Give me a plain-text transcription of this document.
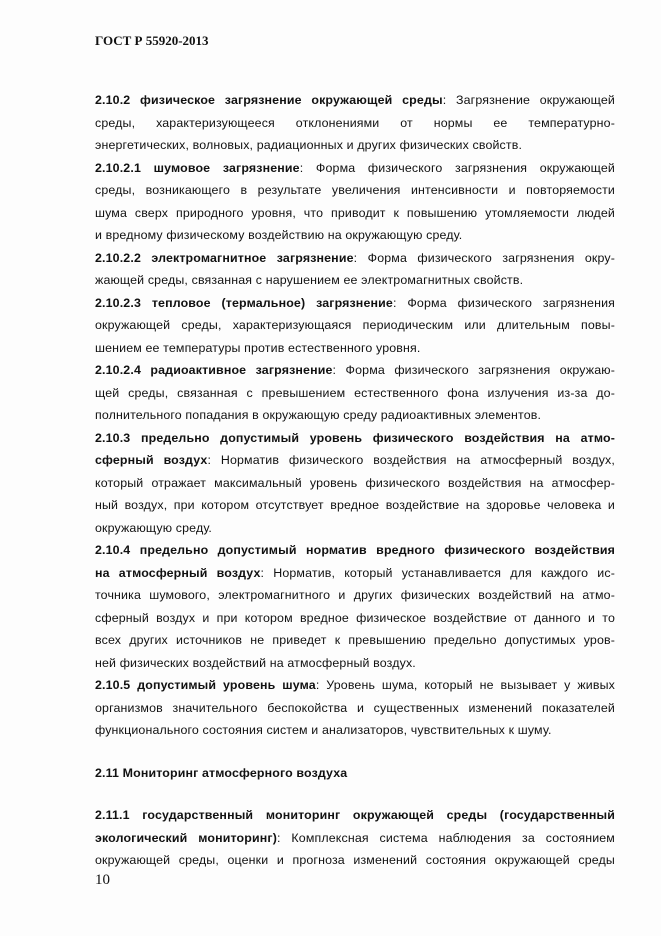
ГОСТ Р 55920-2013
2.10.2 физическое загрязнение окружающей среды: Загрязнение окружающей
среды, характеризующееся отклонениями от нормы ее температурно-
энергетических, волновых, радиационных и других физических свойств.
2.10.2.1 шумовое загрязнение: Форма физического загрязнения окружающей
среды, возникающего в результате увеличения интенсивности и повторяемости
шума сверх природного уровня, что приводит к повышению утомляемости людей
и вредному физическому воздействию на окружающую среду.
2.10.2.2 электромагнитное загрязнение: Форма физического загрязнения окру-
жающей среды, связанная с нарушением ее электромагнитных свойств.
2.10.2.3 тепловое (термальное) загрязнение: Форма физического загрязнения
окружающей среды, характеризующаяся периодическим или длительным повы-
шением ее температуры против естественного уровня.
2.10.2.4 радиоактивное загрязнение: Форма физического загрязнения окружаю-
щей среды, связанная с превышением естественного фона излучения из-за до-
полнительного попадания в окружающую среду радиоактивных элементов.
2.10.3 предельно допустимый уровень физического воздействия на атмо-
сферный воздух: Норматив физического воздействия на атмосферный воздух,
который отражает максимальный уровень физического воздействия на атмосфер-
ный воздух, при котором отсутствует вредное воздействие на здоровье человека и
окружающую среду.
2.10.4 предельно допустимый норматив вредного физического воздействия
на атмосферный воздух: Норматив, который устанавливается для каждого ис-
точника шумового, электромагнитного и других физических воздействий на атмо-
сферный воздух и при котором вредное физическое воздействие от данного и то
всех других источников не приведет к превышению предельно допустимых уров-
ней физических воздействий на атмосферный воздух.
2.10.5 допустимый уровень шума: Уровень шума, который не вызывает у живых
организмов значительного беспокойства и существенных изменений показателей
функционального состояния систем и анализаторов, чувствительных к шуму.
2.11 Мониторинг атмосферного воздуха
2.11.1 государственный мониторинг окружающей среды (государственный
экологический мониторинг): Комплексная система наблюдения за состоянием
окружающей среды, оценки и прогноза изменений состояния окружающей среды
10
